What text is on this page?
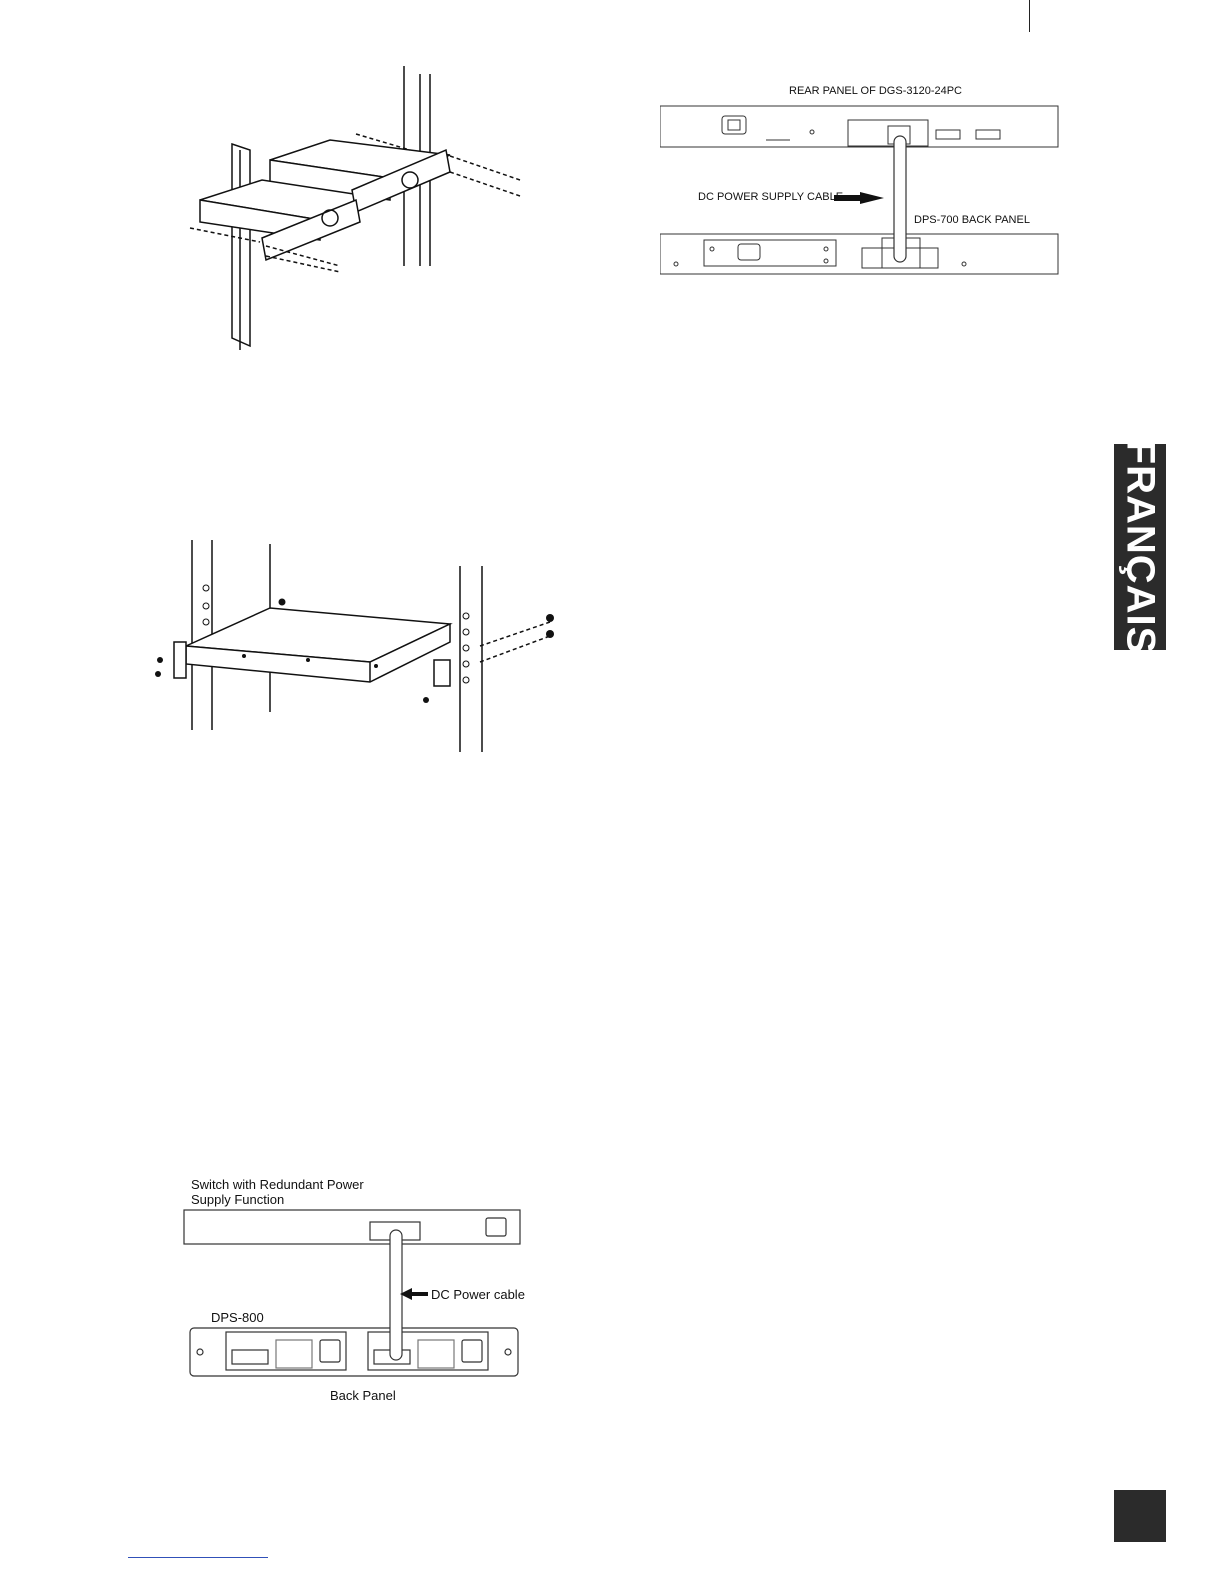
REAR PANEL OF DGS-3120-24PC
DC POWER SUPPLY CABLE
DPS-700 BACK PANEL
Switch with Redundant Power
Supply Function
DC Power cable
DPS-800
Back Panel
FRANÇAIS
